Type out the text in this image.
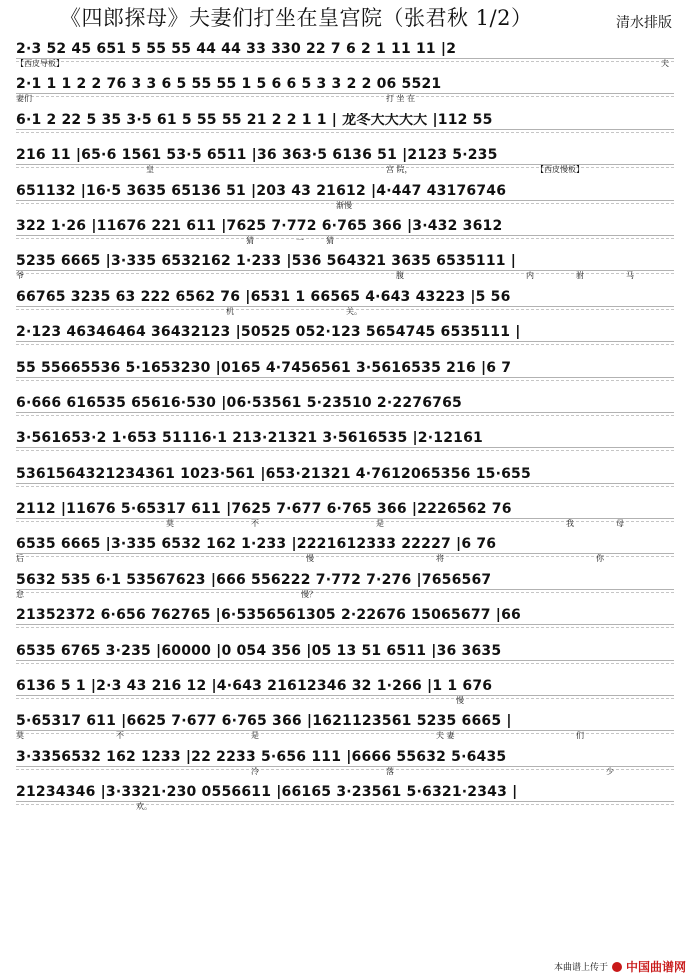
《四郎探母》夫妻们打坐在皇宫院（张君秋 1/2）	清水排版
2·3 52 45 651 5 55 55 44 44 33 330 22 7 6 2 1 11 11 |2
【西皮导板】	夫
2·1 1 1 2 2 76 3 3 6 5 55 55 1 5 6 6 5 3 3 2 2 06 5521
妻们	打 坐 在
6·1 2 22 5 35 3·5 61 5 55 55 21 2 2 1 1 | 龙冬大大大大 |112 55
216 11 |65·6 1561 53·5 6511 |36 363·5 6136 51 |2123 5·235
皇	宫 院，	【西皮慢板】
651132 |16·5 3635 65136 51 |203 43 21612 |4·447 43176746
渐慢
322 1·26 |11676 221 611 |7625 7·772 6·765 366 |3·432 3612
猜	一	猜
5235 6665 |3·335 6532162 1·233 |536 564321 3635 6535111 |
爷	腹	内	驸	马
66765 3235 63 222 6562 76 |6531 1 66565 4·643 43223 |5 56
机	关。
2·123 46346464 36432123 |50525 052·123 5654745 6535111 |
55 55665536 5·1653230 |0165 4·7456561 3·5616535 216 |6 7
6·666 616535 65616·530 |06·53561 5·23510 2·2276765
3·561653·2 1·653 51116·1 213·21321 3·5616535 |2·12161
5361564321234361 1023·561 |653·21321 4·7612065356 15·655
2112 |11676 5·65317 611 |7625 7·677 6·765 366 |2226562 76
莫	不	是	我	母
6535 6665 |3·335 6532 162 1·233 |2221612333 22227 |6 76
后	慢	将	你
5632 535 6·1 53567623 |666 556222 7·772 7·276 |7656567
怠	慢？
21352372 6·656 762765 |6·5356561305 2·22676 15065677 |66
6535 6765 3·235 |60000 |0 054 356 |05 13 51 6511 |36 3635
6136 5 1 |2·3 43 216 12 |4·643 21612346 32 1·266 |1 1 676
慢
5·65317 611 |6625 7·677 6·765 366 |1621123561 5235 6665 |
莫	不	是	夫 妻	们
3·3356532 162 1233 |22 2233 5·656 111 |6666 55632 5·6435
冷	落	少
21234346 |3·3321·230 0556611 |66165 3·23561 5·6321·2343 |
欢。
本曲谱上传于 中国曲谱网
